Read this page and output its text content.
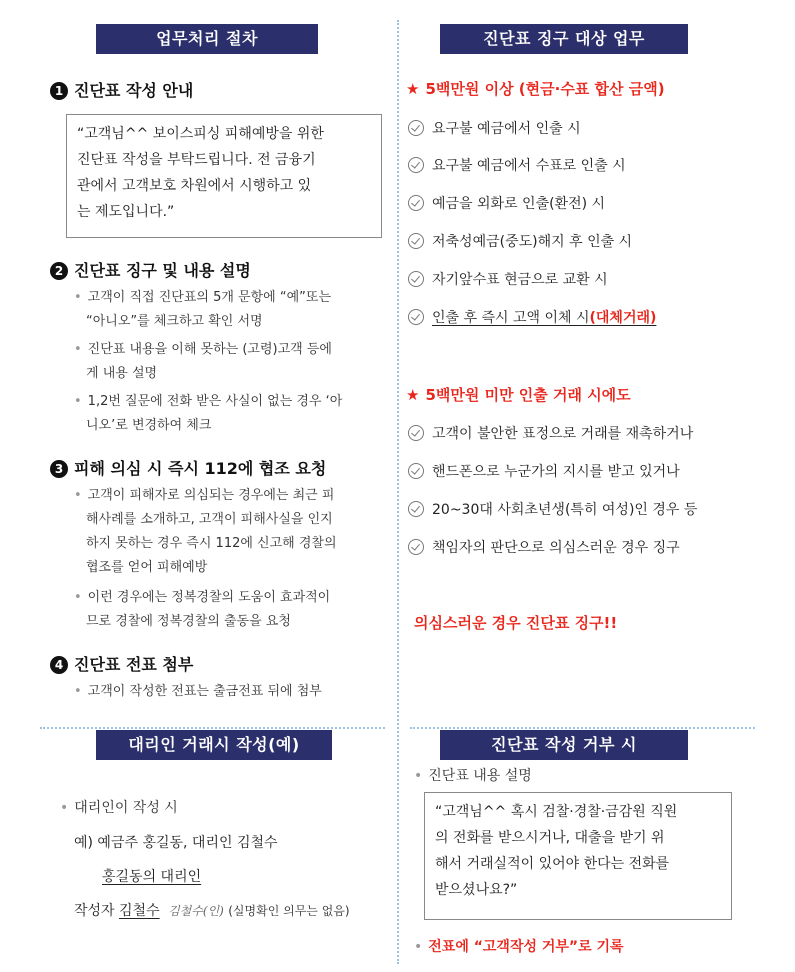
업무처리 절차	진단표 징구 대상 업무
대리인 거래시 작성(예)	진단표 작성 거부 시
1 진단표 작성 안내
“고객님^^ 보이스피싱 피해예방을 위한
진단표 작성을 부탁드립니다. 전 금융기
관에서 고객보호 차원에서 시행하고 있
는 제도입니다.”
2 진단표 징구 및 내용 설명
• 고객이 직접 진단표의 5개 문항에 “예”또는
“아니오”를 체크하고 확인 서명
• 진단표 내용을 이해 못하는 (고령)고객 등에
게 내용 설명
• 1,2번 질문에 전화 받은 사실이 없는 경우 ‘아
니오’로 변경하여 체크
3 피해 의심 시 즉시 112에 협조 요청
• 고객이 피해자로 의심되는 경우에는 최근 피
해사례를 소개하고, 고객이 피해사실을 인지
하지 못하는 경우 즉시 112에 신고해 경찰의
협조를 얻어 피해예방
• 이런 경우에는 정복경찰의 도움이 효과적이
므로 경찰에 정복경찰의 출동을 요청
4 진단표 전표 첨부
• 고객이 작성한 전표는 출금전표 뒤에 첨부
★ 5백만원 이상 (현금·수표 합산 금액)
요구불 예금에서 인출 시
요구불 예금에서 수표로 인출 시
예금을 외화로 인출(환전) 시
저축성예금(중도)해지 후 인출 시
자기앞수표 현금으로 교환 시
인출 후 즉시 고액 이체 시(대체거래)
★ 5백만원 미만 인출 거래 시에도
고객이 불안한 표정으로 거래를 재촉하거나
핸드폰으로 누군가의 지시를 받고 있거나
20~30대 사회초년생(특히 여성)인 경우 등
책임자의 판단으로 의심스러운 경우 징구
의심스러운 경우 진단표 징구!!
• 대리인이 작성 시
예) 예금주 홍길동, 대리인 김철수
홍길동의 대리인
작성자 김철수 김철수(인) (실명확인 의무는 없음)
• 진단표 내용 설명
“고객님^^ 혹시 검찰·경찰·금감원 직원
의 전화를 받으시거나, 대출을 받기 위
해서 거래실적이 있어야 한다는 전화를
받으셨나요?”
• 전표에 “고객작성 거부”로 기록
